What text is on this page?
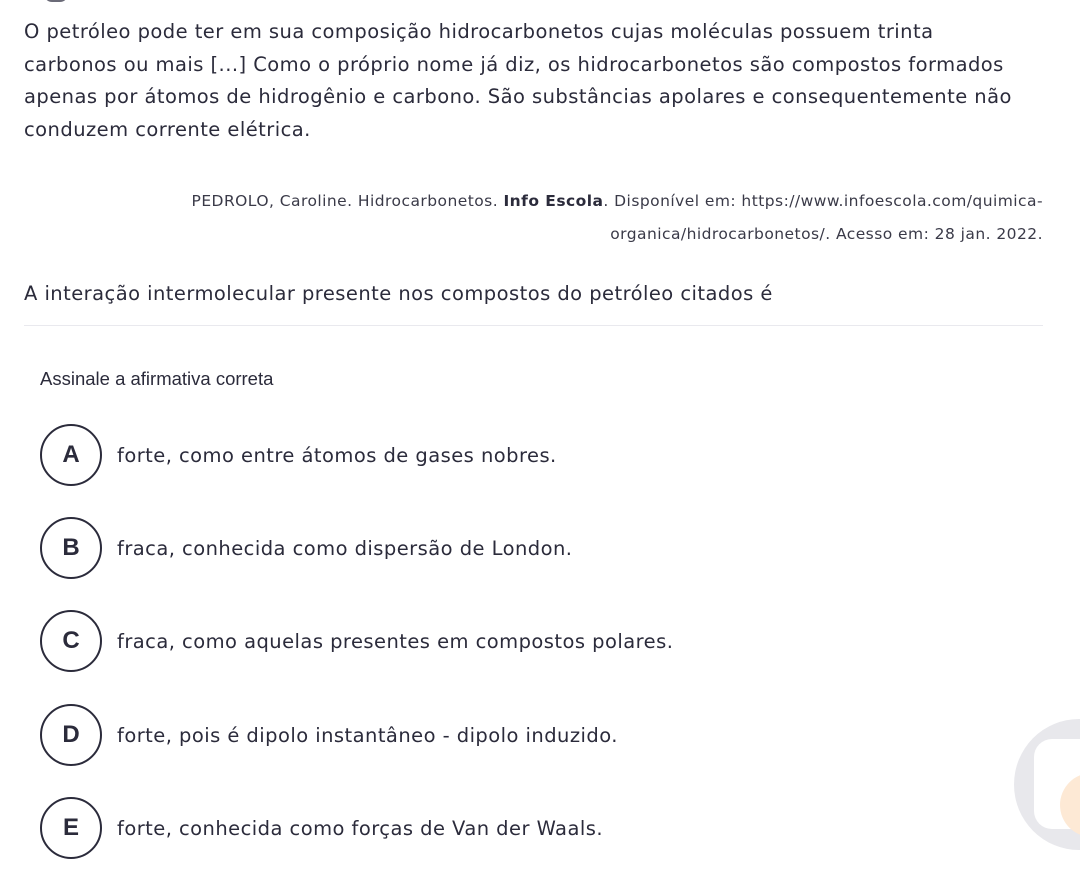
O petróleo pode ter em sua composição hidrocarbonetos cujas moléculas possuem trinta carbonos ou mais [...] Como o próprio nome já diz, os hidrocarbonetos são compostos formados apenas por átomos de hidrogênio e carbono. São substâncias apolares e consequentemente não conduzem corrente elétrica.

PEDROLO, Caroline. Hidrocarbonetos. Info Escola. Disponível em: https://www.infoescola.com/quimica-organica/hidrocarbonetos/. Acesso em: 28 jan. 2022.

A interação intermolecular presente nos compostos do petróleo citados é

Assinale a afirmativa correta

A	forte, como entre átomos de gases nobres.
B	fraca, conhecida como dispersão de London.
C	fraca, como aquelas presentes em compostos polares.
D	forte, pois é dipolo instantâneo - dipolo induzido.
E	forte, conhecida como forças de Van der Waals.
